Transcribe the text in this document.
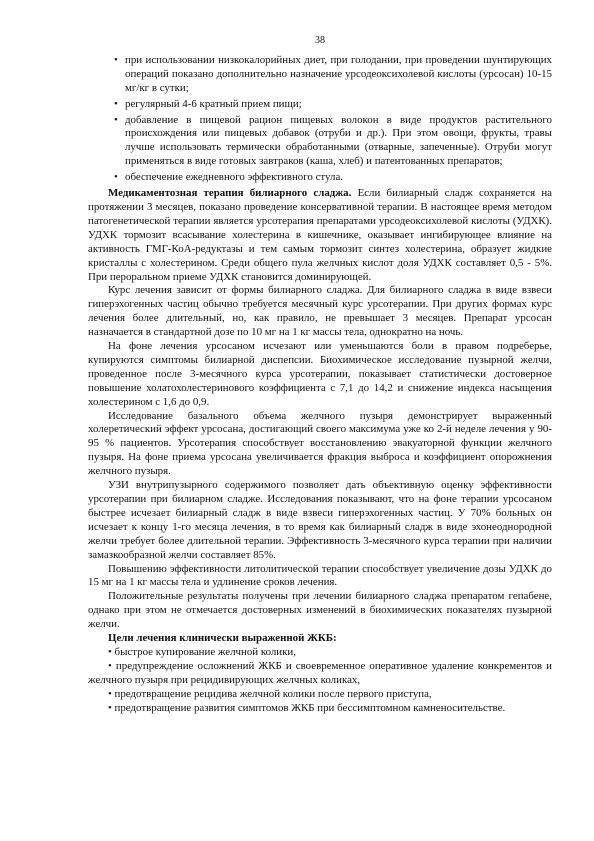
38
• при использовании низкокалорийных диет, при голодании, при проведении шунтирующих операций показано дополнительно назначение урсодеоксихолевой кислоты (урсосан) 10-15 мг/кг в сутки;
• регулярный 4-6 кратный прием пищи;
• добавление в пищевой рацион пищевых волокон в виде продуктов растительного происхождения или пищевых добавок (отруби и др.). При этом овощи, фрукты, травы лучше использовать термически обработанными (отварные, запеченные). Отруби могут применяться в виде готовых завтраков (каша, хлеб) и патентованных препаратов;
• обеспечение ежедневного эффективного стула.

Медикаментозная терапия билиарного сладжа. Если билиарный сладж сохраняется на протяжении 3 месяцев, показано проведение консервативной терапии. В настоящее время методом патогенетической терапии является урсотерапия препаратами урсодеоксихолевой кислоты (УДХК). УДХК тормозит всасывание холестерина в кишечнике, оказывает ингибирующее влияние на активность ГМГ-КоА-редуктазы и тем самым тормозит синтез холестерина, образует жидкие кристаллы с холестерином. Среди общего пула желчных кислот доля УДХК составляет 0,5 - 5%. При пероральном приеме УДХК становится доминирующей.

Курс лечения зависит от формы билиарного сладжа. Для билиарного сладжа в виде взвеси гиперэхогенных частиц обычно требуется месячный курс урсотерапии. При других формах курс лечения более длительный, но, как правило, не превышает 3 месяцев. Препарат урсосан назначается в стандартной дозе по 10 мг на 1 кг массы тела, однократно на ночь.

На фоне лечения урсосаном исчезают или уменьшаются боли в правом подреберье, купируются симптомы билиарной диспепсии. Биохимическое исследование пузырной желчи, проведенное после 3-месячного курса урсотерапии, показывает статистически достоверное повышение холатохолестеринового коэффициента с 7,1 до 14,2 и снижение индекса насыщения холестерином с 1,6 до 0,9.

Исследование базального объема желчного пузыря демонстрирует выраженный холеретический эффект урсосана, достигающий своего максимума уже ко 2-й неделе лечения у 90-95 % пациентов. Урсотерапия способствует восстановлению эвакуаторной функции желчного пузыря. На фоне приема урсосана увеличивается фракция выброса и коэффициент опорожнения желчного пузыря.

УЗИ внутрипузырного содержимого позволяет дать объективную оценку эффективности урсотерапии при билиарном сладже. Исследования показывают, что на фоне терапии урсосаном быстрее исчезает билиарный сладж в виде взвеси гиперэхогенных частиц. У 70% больных он исчезает к концу 1-го месяца лечения, в то время как билиарный сладж в виде эхонеоднородной желчи требует более длительной терапии. Эффективность 3-месячного курса терапии при наличии замазкообразной желчи составляет 85%.

Повышению эффективности литолитической терапии способствует увеличение дозы УДХК до 15 мг на 1 кг массы тела и удлинение сроков лечения.

Положительные результаты получены при лечении билиарного сладжа препаратом гепабене, однако при этом не отмечается достоверных изменений в биохимических показателях пузырной желчи.

Цели лечения клинически выраженной ЖКБ:
• быстрое купирование желчной колики,
• предупреждение осложнений ЖКБ и своевременное оперативное удаление конкрементов и желчного пузыря при рецидивирующих желчных коликах,
• предотвращение рецидива желчной колики после первого приступа,
• предотвращение развития симптомов ЖКБ при бессимптомном камненосительстве.
